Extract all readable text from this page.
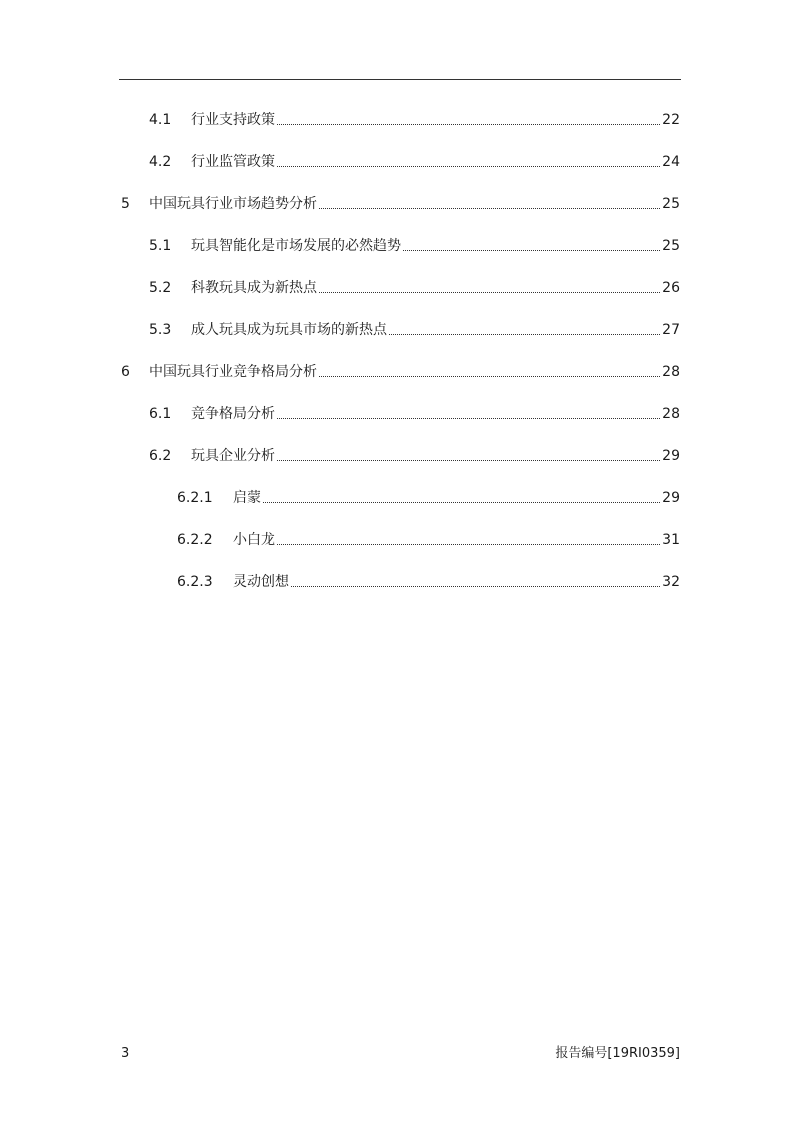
4.1	行业支持政策	22
4.2	行业监管政策	24
5	中国玩具行业市场趋势分析	25
5.1	玩具智能化是市场发展的必然趋势	25
5.2	科教玩具成为新热点	26
5.3	成人玩具成为玩具市场的新热点	27
6	中国玩具行业竞争格局分析	28
6.1	竞争格局分析	28
6.2	玩具企业分析	29
6.2.1	启蒙	29
6.2.2	小白龙	31
6.2.3	灵动创想	32
3	报告编号[19RI0359]
